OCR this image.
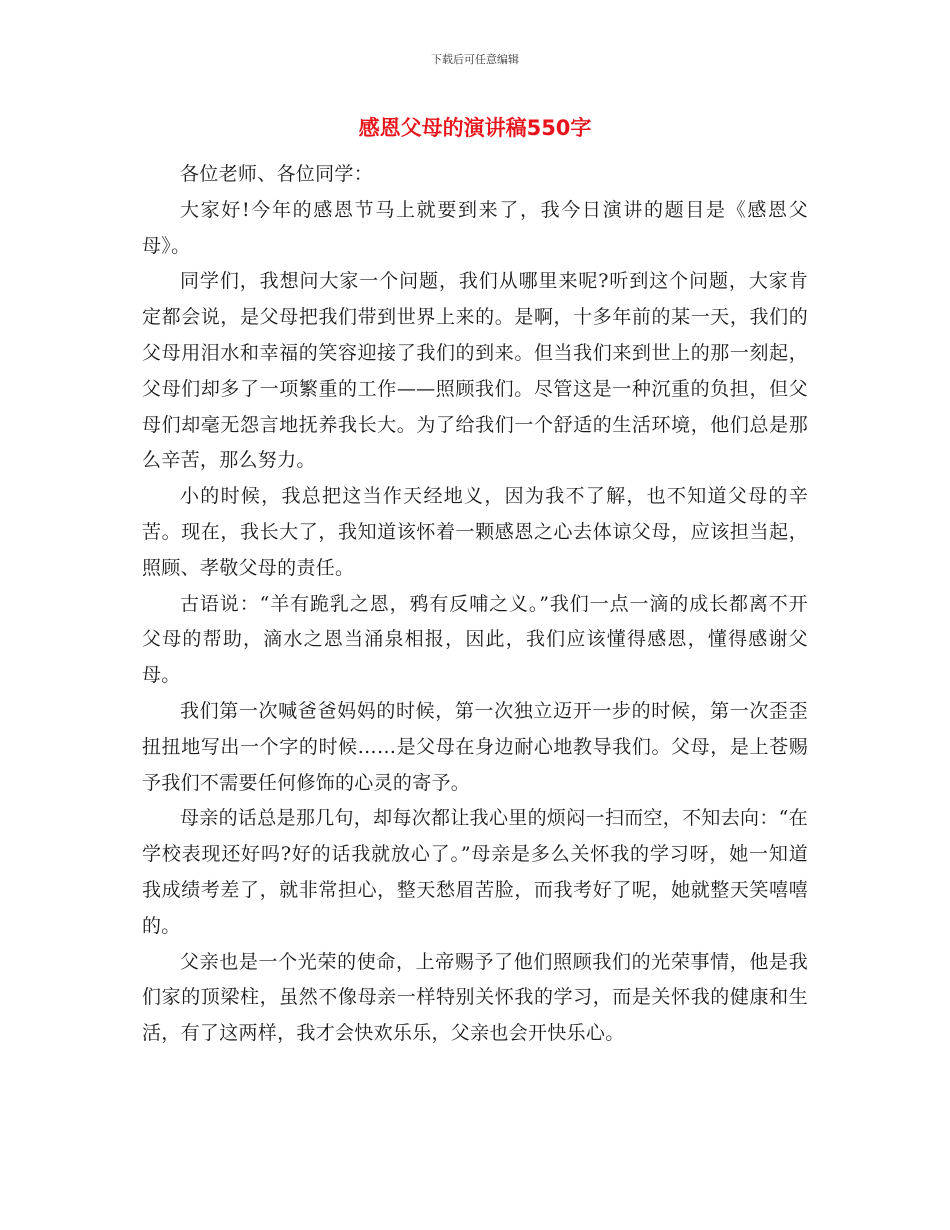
下载后可任意编辑
感恩父母的演讲稿550字

各位老师、各位同学：

大家好!今年的感恩节马上就要到来了，我今日演讲的题目是《感恩父母》。

同学们，我想问大家一个问题，我们从哪里来呢?听到这个问题，大家肯定都会说，是父母把我们带到世界上来的。是啊，十多年前的某一天，我们的父母用泪水和幸福的笑容迎接了我们的到来。但当我们来到世上的那一刻起，父母们却多了一项繁重的工作——照顾我们。尽管这是一种沉重的负担，但父母们却毫无怨言地抚养我长大。为了给我们一个舒适的生活环境，他们总是那么辛苦，那么努力。

小的时候，我总把这当作天经地义，因为我不了解，也不知道父母的辛苦。现在，我长大了，我知道该怀着一颗感恩之心去体谅父母，应该担当起，照顾、孝敬父母的责任。

古语说：“羊有跪乳之恩，鸦有反哺之义。”我们一点一滴的成长都离不开父母的帮助，滴水之恩当涌泉相报，因此，我们应该懂得感恩，懂得感谢父母。

我们第一次喊爸爸妈妈的时候，第一次独立迈开一步的时候，第一次歪歪扭扭地写出一个字的时候……是父母在身边耐心地教导我们。父母，是上苍赐予我们不需要任何修饰的心灵的寄予。

母亲的话总是那几句，却每次都让我心里的烦闷一扫而空，不知去向：“在学校表现还好吗?好的话我就放心了。”母亲是多么关怀我的学习呀，她一知道我成绩考差了，就非常担心，整天愁眉苦脸，而我考好了呢，她就整天笑嘻嘻的。

父亲也是一个光荣的使命，上帝赐予了他们照顾我们的光荣事情，他是我们家的顶梁柱，虽然不像母亲一样特别关怀我的学习，而是关怀我的健康和生活，有了这两样，我才会快欢乐乐，父亲也会开快乐心。
